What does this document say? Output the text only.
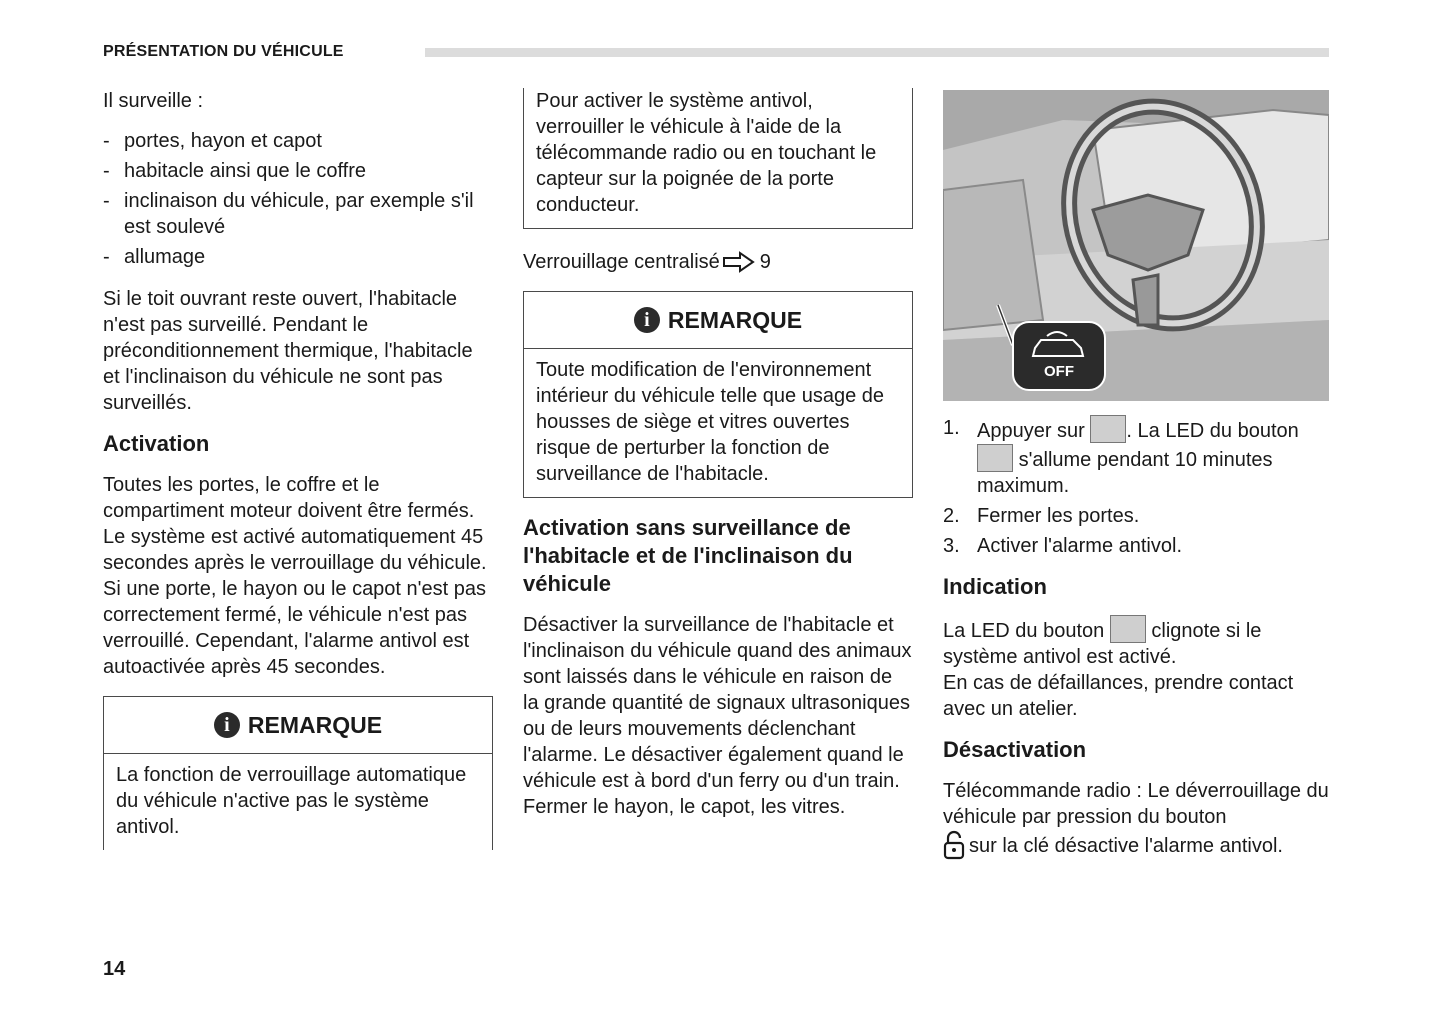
PRÉSENTATION DU VÉHICULE

Il surveille :

- portes, hayon et capot
- habitacle ainsi que le coffre
- inclinaison du véhicule, par exemple s'il est soulevé
- allumage

Si le toit ouvrant reste ouvert, l'habitacle n'est pas surveillé. Pendant le préconditionnement thermique, l'habitacle et l'inclinaison du véhicule ne sont pas surveillés.

Activation

Toutes les portes, le coffre et le compartiment moteur doivent être fermés. Le système est activé automatiquement 45 secondes après le verrouillage du véhicule. Si une porte, le hayon ou le capot n'est pas correctement fermé, le véhicule n'est pas verrouillé. Cependant, l'alarme antivol est autoactivée après 45 secondes.

i REMARQUE
La fonction de verrouillage automatique du véhicule n'active pas le système antivol.

Pour activer le système antivol, verrouiller le véhicule à l'aide de la télécommande radio ou en touchant le capteur sur la poignée de la porte conducteur.

Verrouillage centralisé 9
i REMARQUE
Toute modification de l'environnement intérieur du véhicule telle que usage de housses de siège et vitres ouvertes risque de perturber la fonction de surveillance de l'habitacle.
Activation sans surveillance de l'habitacle et de l'inclinaison du véhicule

Désactiver la surveillance de l'habitacle et l'inclinaison du véhicule quand des animaux sont laissés dans le véhicule en raison de la grande quantité de signaux ultrasoniques ou de leurs mouvements déclenchant l'alarme. Le désactiver également quand le véhicule est à bord d'un ferry ou d'un train. Fermer le hayon, le capot, les vitres.

OFF
1. Appuyer sur . La LED du bouton  s'allume pendant 10 minutes maximum.
2. Fermer les portes.
3. Activer l'alarme antivol.
Indication

La LED du bouton clignote si le système antivol est activé.

En cas de défaillances, prendre contact avec un atelier.

Désactivation

Télécommande radio : Le déverrouillage du véhicule par pression du bouton

sur la clé désactive l'alarme antivol.

14
